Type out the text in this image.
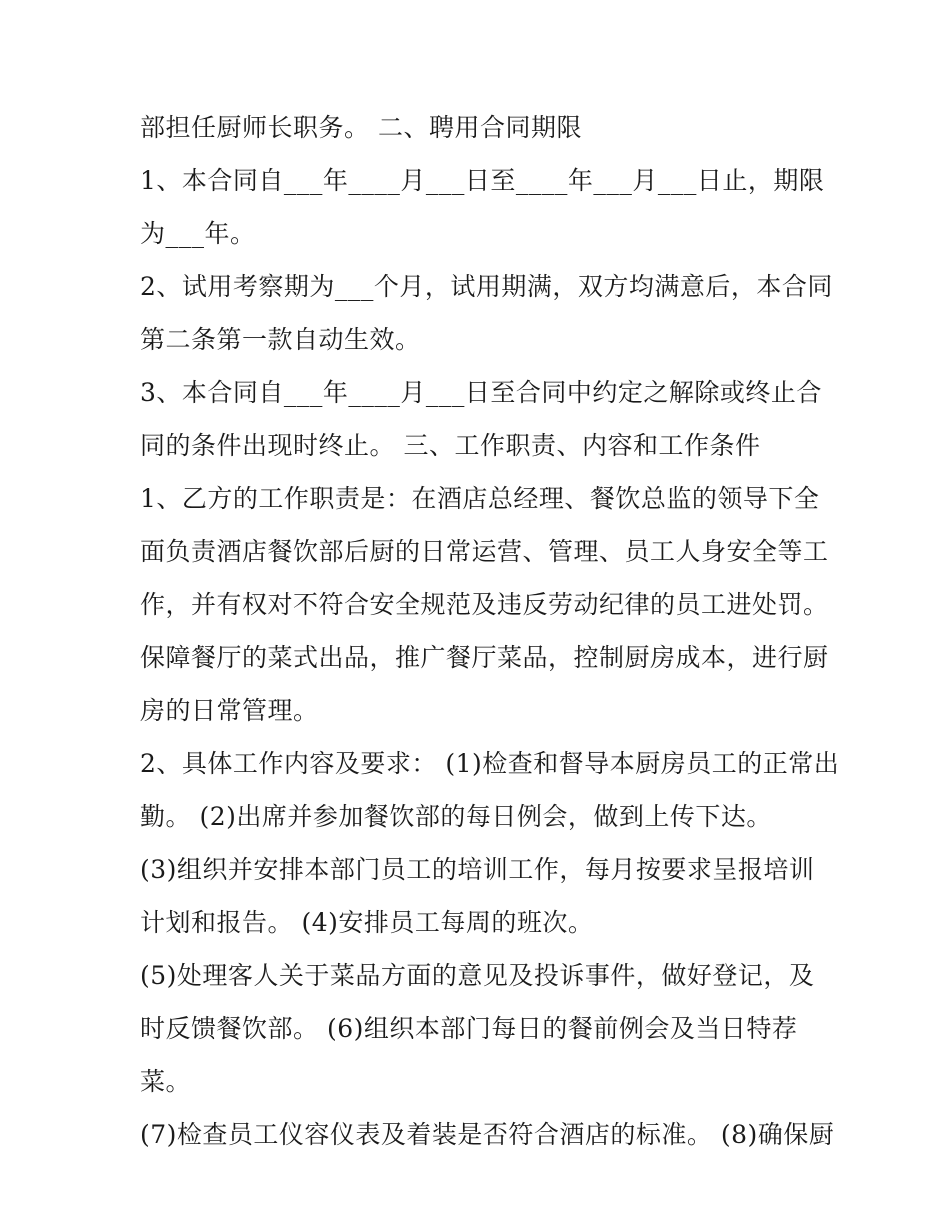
部担任厨师长职务。 二、聘用合同期限
1、本合同自___年____月___日至____年___月___日止，期限
为___年。
2、试用考察期为___个月，试用期满，双方均满意后，本合同
第二条第一款自动生效。
3、本合同自___年____月___日至合同中约定之解除或终止合
同的条件出现时终止。 三、工作职责、内容和工作条件
1、乙方的工作职责是：在酒店总经理、餐饮总监的领导下全
面负责酒店餐饮部后厨的日常运营、管理、员工人身安全等工
作，并有权对不符合安全规范及违反劳动纪律的员工进处罚。
保障餐厅的菜式出品，推广餐厅菜品，控制厨房成本，进行厨
房的日常管理。
2、具体工作内容及要求： (1)检查和督导本厨房员工的正常出
勤。 (2)出席并参加餐饮部的每日例会，做到上传下达。
(3)组织并安排本部门员工的培训工作，每月按要求呈报培训
计划和报告。 (4)安排员工每周的班次。
(5)处理客人关于菜品方面的意见及投诉事件，做好登记，及
时反馈餐饮部。 (6)组织本部门每日的餐前例会及当日特荐
菜。
(7)检查员工仪容仪表及着装是否符合酒店的标准。 (8)确保厨
